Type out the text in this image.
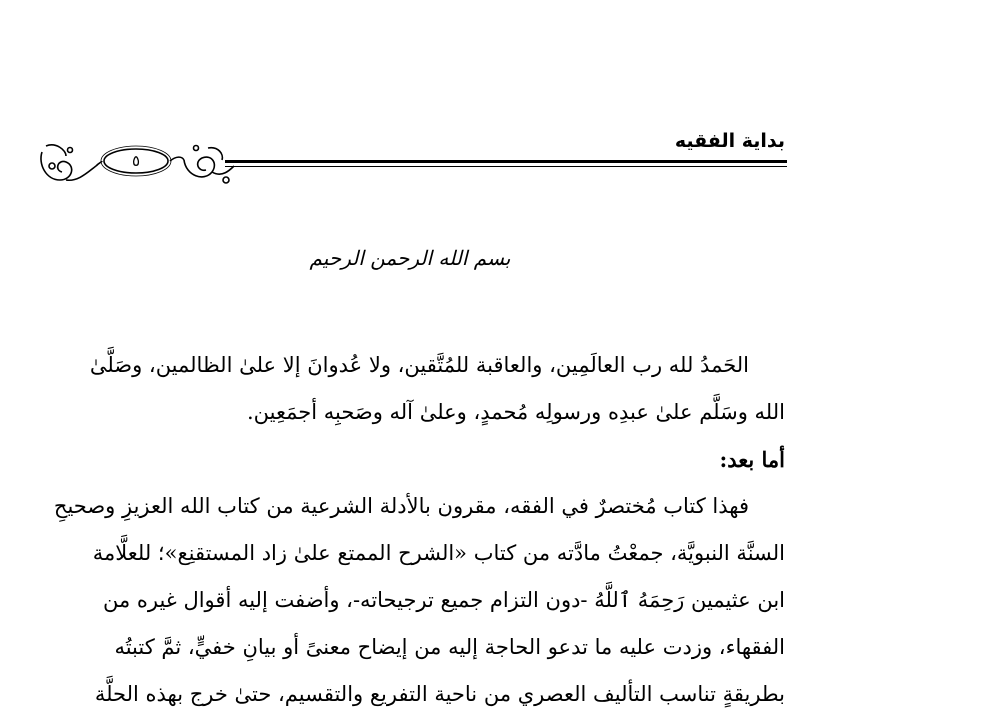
بداية الفقيه
٥
بسم الله الرحمن الرحيم

الحَمدُ لله رب العالَمِين، والعاقبة للمُتَّقين، ولا عُدوانَ إلا علىٰ الظالمين، وصَلَّىٰ

الله وسَلَّم علىٰ عبدِه ورسولِه مُحمدٍ، وعلىٰ آله وصَحبِه أجمَعِين.

أما بعد:

فهذا كتاب مُختصرٌ في الفقه، مقرون بالأدلة الشرعية من كتاب الله العزيزِ وصحيحِ

السنَّة النبويَّة، جمعْتُ مادَّته من كتاب «الشرح الممتع علىٰ زاد المستقنِع»؛ للعلَّامة

ابن عثيمين رَحِمَهُ ٱللَّهُ -دون التزام جميع ترجيحاته-، وأضفت إليه أقوال غيره من

الفقهاء، وزدت عليه ما تدعو الحاجة إليه من إيضاح معنىً أو بيانِ خفيٍّ، ثمَّ كتبتُه

بطريقةٍ تناسب التأليف العصري من ناحية التفريع والتقسيم، حتىٰ خرج بهذه الحلَّة
